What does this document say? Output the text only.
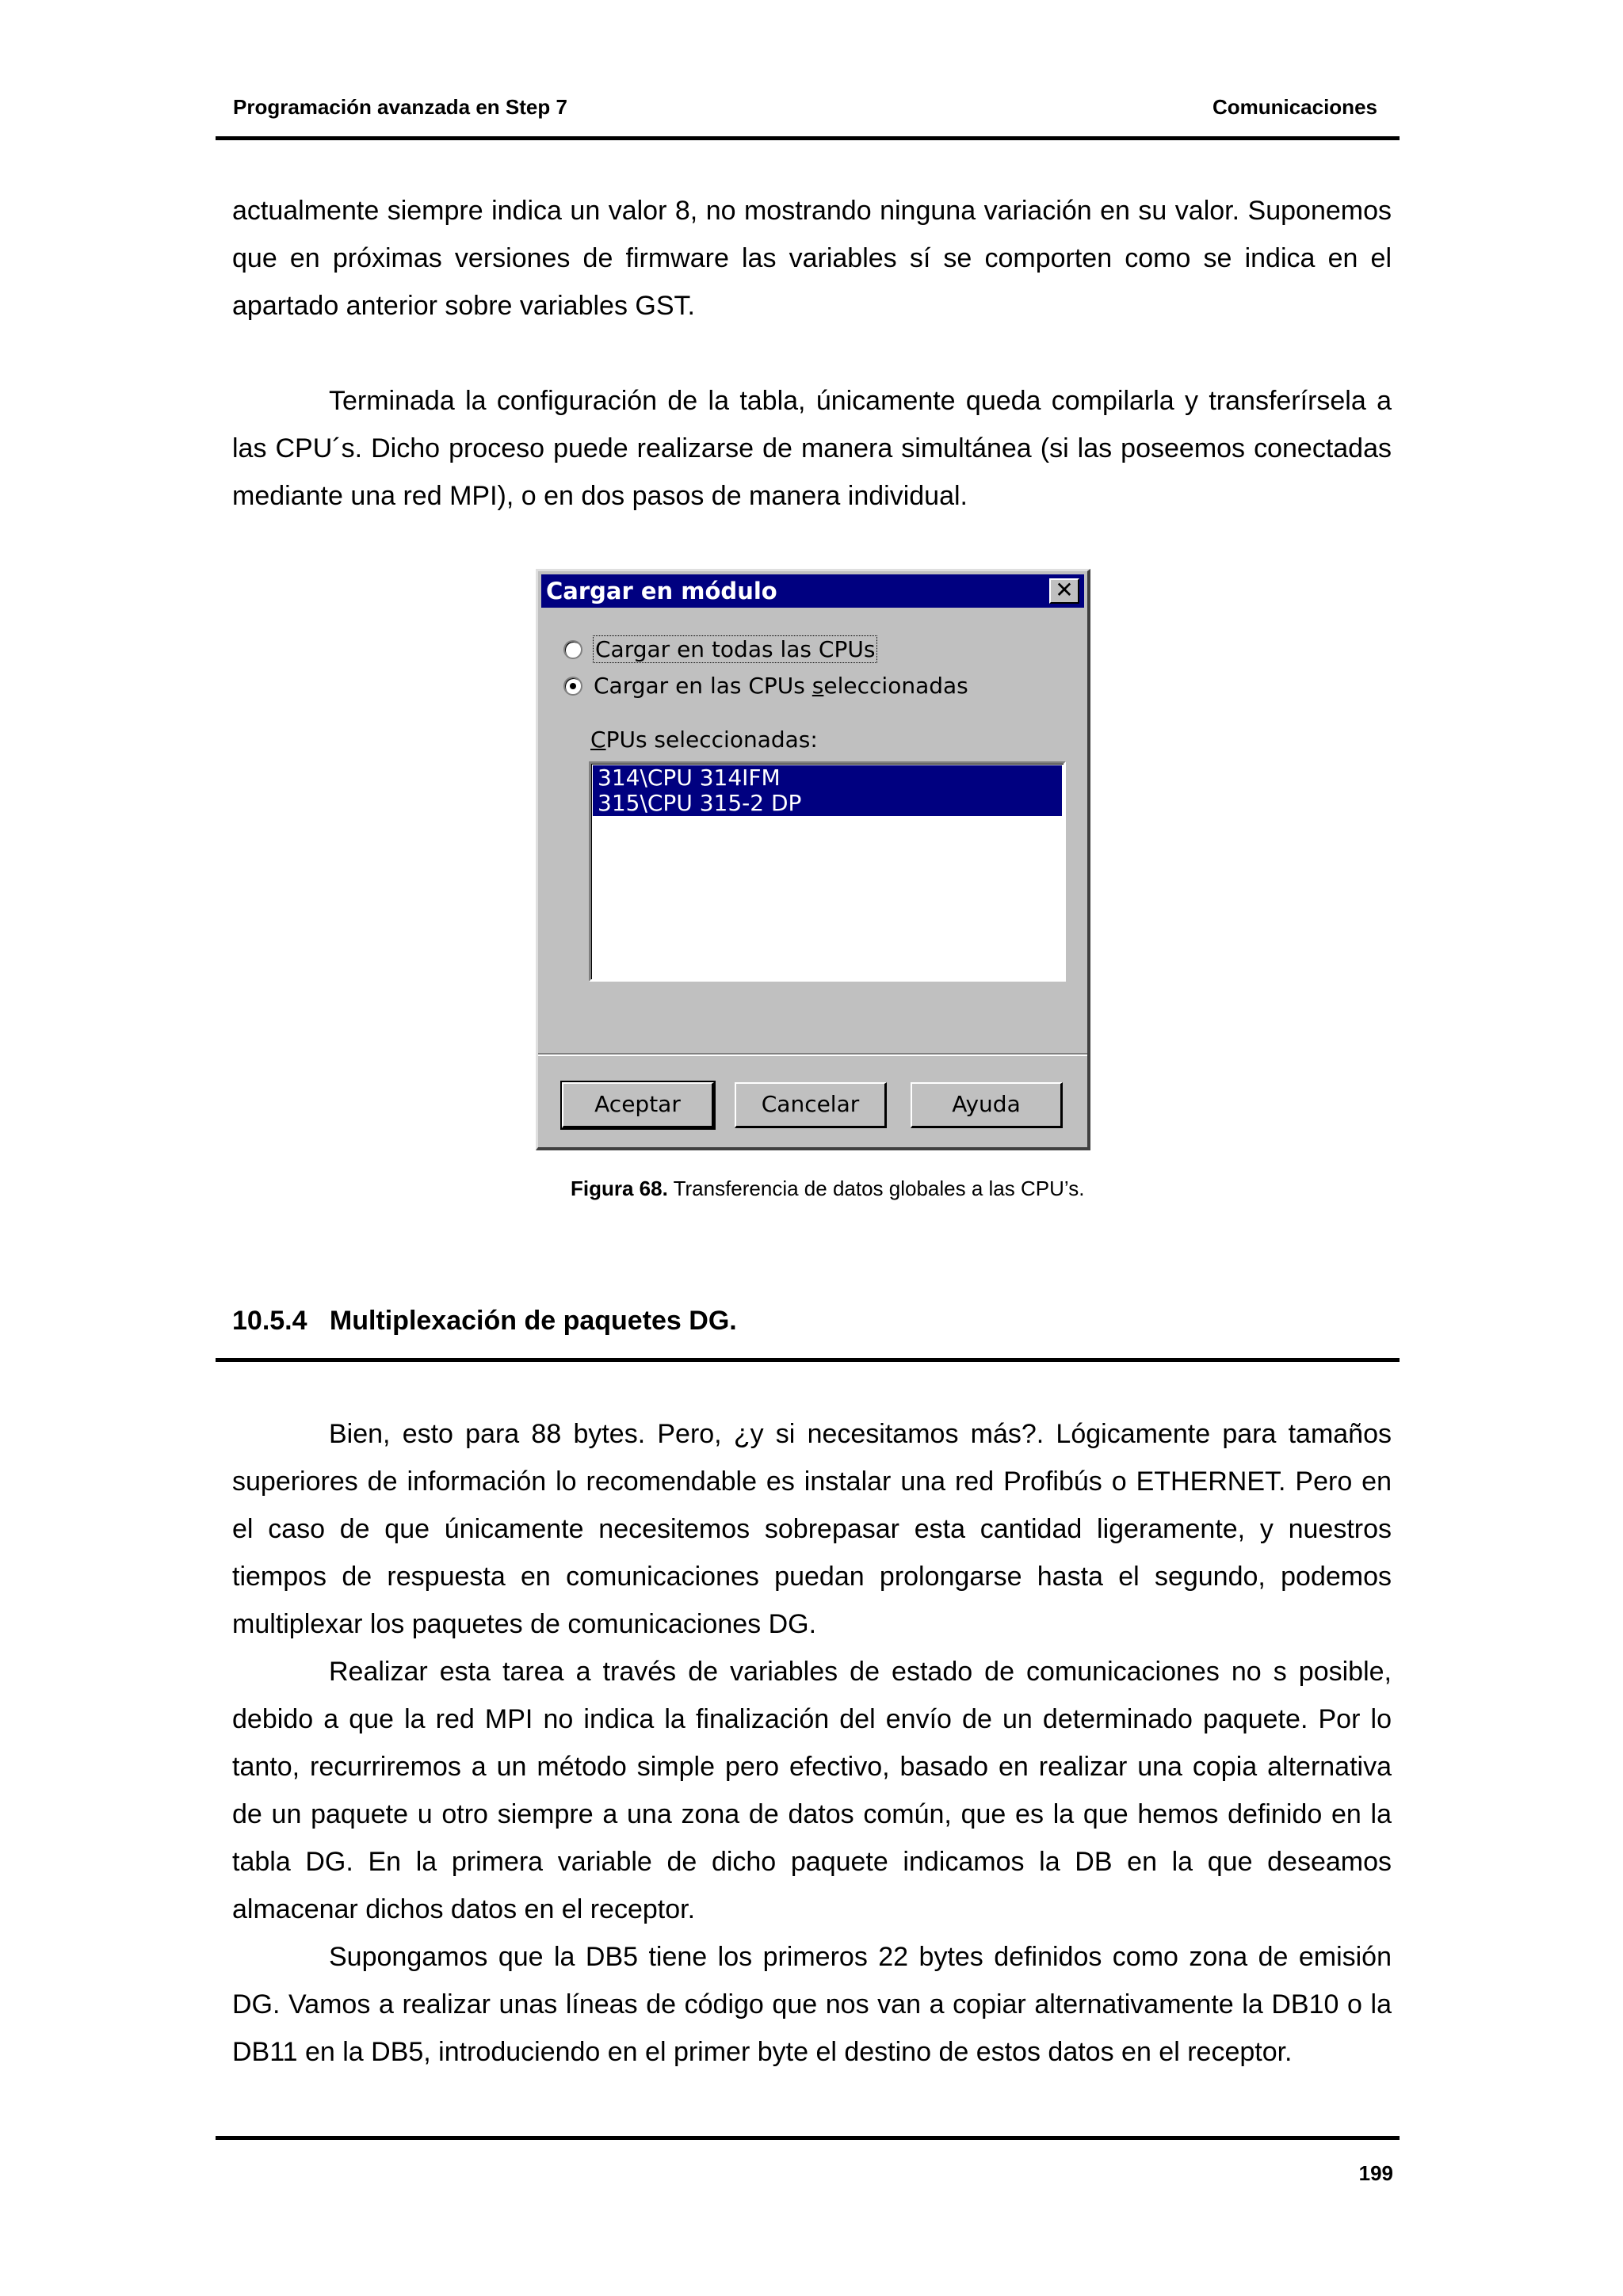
Programación avanzada en Step 7	Comunicaciones

actualmente siempre indica un valor 8, no mostrando ninguna variación en su valor. Suponemos que en próximas versiones de firmware las variables sí se comporten como se indica en el apartado anterior sobre variables GST.

Terminada la configuración de la tabla, únicamente queda compilarla y transferírsela a las CPU´s. Dicho proceso puede realizarse de manera simultánea (si las poseemos conectadas mediante una red MPI), o en dos pasos de manera individual.

Cargar en módulo	✕
Cargar en todas las CPUs
Cargar en las CPUs seleccionadas
CPUs seleccionadas:
314\CPU 314IFM
315\CPU 315-2 DP
Aceptar	Cancelar	Ayuda
Figura 68. Transferencia de datos globales a las CPU’s.
10.5.4   Multiplexación de paquetes DG.

Bien, esto para 88 bytes. Pero, ¿y si necesitamos más?. Lógicamente para tamaños superiores de información lo recomendable es instalar una red Profibús o ETHERNET. Pero en el caso de que únicamente necesitemos sobrepasar esta cantidad ligeramente, y nuestros tiempos de respuesta en comunicaciones puedan prolongarse hasta el segundo, podemos multiplexar los paquetes de comunicaciones DG.

Realizar esta tarea a través de variables de estado de comunicaciones no s posible, debido a que la red MPI no indica la finalización del envío de un determinado paquete. Por lo tanto, recurriremos a un método simple pero efectivo, basado en realizar una copia alternativa de un paquete u otro siempre a una zona de datos común, que es la que hemos definido en la tabla DG. En la primera variable de dicho paquete indicamos la DB en la que deseamos almacenar dichos datos en el receptor.

Supongamos que la DB5 tiene los primeros 22 bytes definidos como zona de emisión DG. Vamos a realizar unas líneas de código que nos van a copiar alternativamente la DB10 o la DB11 en la DB5, introduciendo en el primer byte el destino de estos datos en el receptor.

199
